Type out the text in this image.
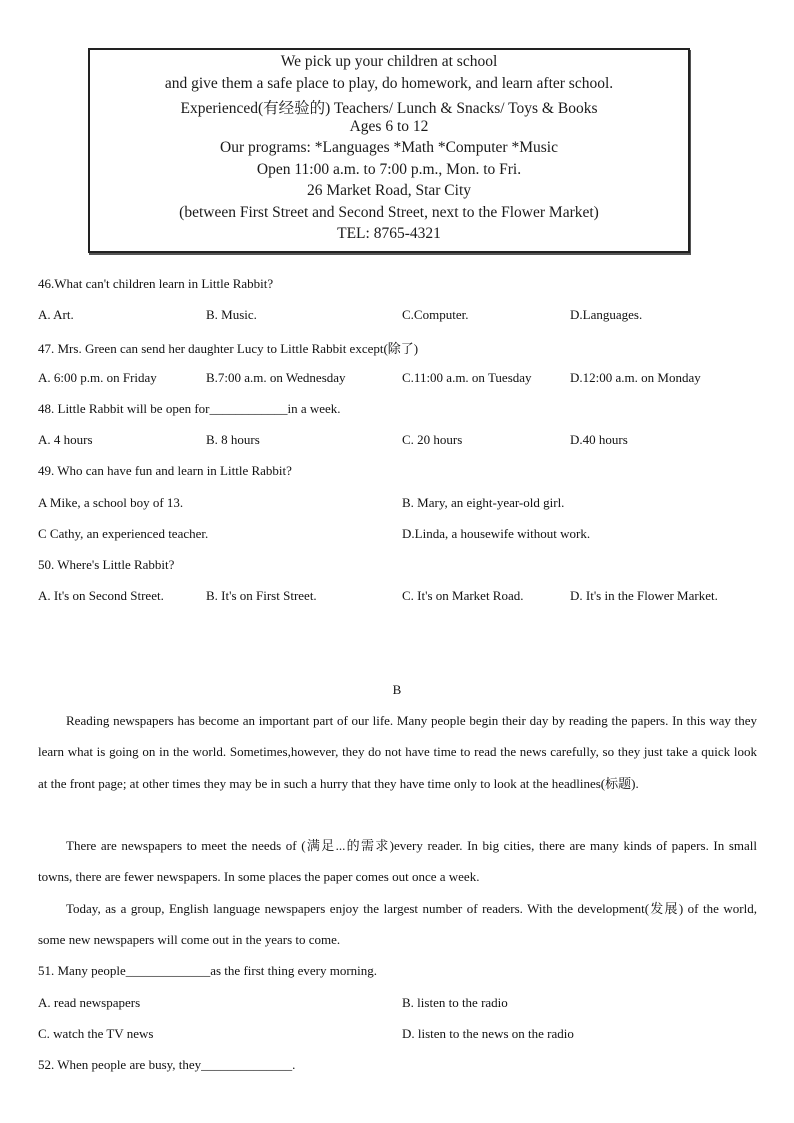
We pick up your children at school
and give them a safe place to play, do homework, and learn after school.
Experienced(有经验的) Teachers/ Lunch & Snacks/ Toys & Books
Ages 6 to 12
Our programs: *Languages *Math *Computer *Music
Open 11:00 a.m. to 7:00 p.m., Mon. to Fri.
26 Market Road, Star City
(between First Street and Second Street, next to the Flower Market)
TEL: 8765-4321
46.What can't children learn in Little Rabbit?
A. Art.	B. Music.	C.Computer.	D.Languages.
47. Mrs. Green can send her daughter Lucy to Little Rabbit except(除了)
A. 6:00 p.m. on Friday	B.7:00 a.m. on Wednesday	C.11:00 a.m. on Tuesday	D.12:00 a.m. on Monday
48. Little Rabbit will be open for____________in a week.
A. 4 hours	B. 8 hours	C. 20 hours	D.40 hours
49. Who can have fun and learn in Little Rabbit?
A Mike, a school boy of 13.	B. Mary, an eight-year-old girl.
C Cathy, an experienced teacher.	D.Linda, a housewife without work.
50. Where's Little Rabbit?
A. It's on Second Street.	B. It's on First Street.	C. It's on Market Road.	D. It's in the Flower Market.
B
Reading newspapers has become an important part of our life. Many people begin their day by reading the papers. In this way they learn what is going on in the world. Sometimes,however, they do not have time to read the news carefully, so they just take a quick look at the front page; at other times they may be in such a hurry that they have time only to look at the headlines(标题).
There are newspapers to meet the needs of (满足...的需求)every reader. In big cities, there are many kinds of papers. In small towns, there are fewer newspapers. In some places the paper comes out once a week.
Today, as a group, English language newspapers enjoy the largest number of readers. With the development(发展) of the world, some new newspapers will come out in the years to come.
51. Many people_____________as the first thing every morning.
A. read newspapers	B. listen to the radio
C. watch the TV news	D. listen to the news on the radio
52. When people are busy, they______________.
